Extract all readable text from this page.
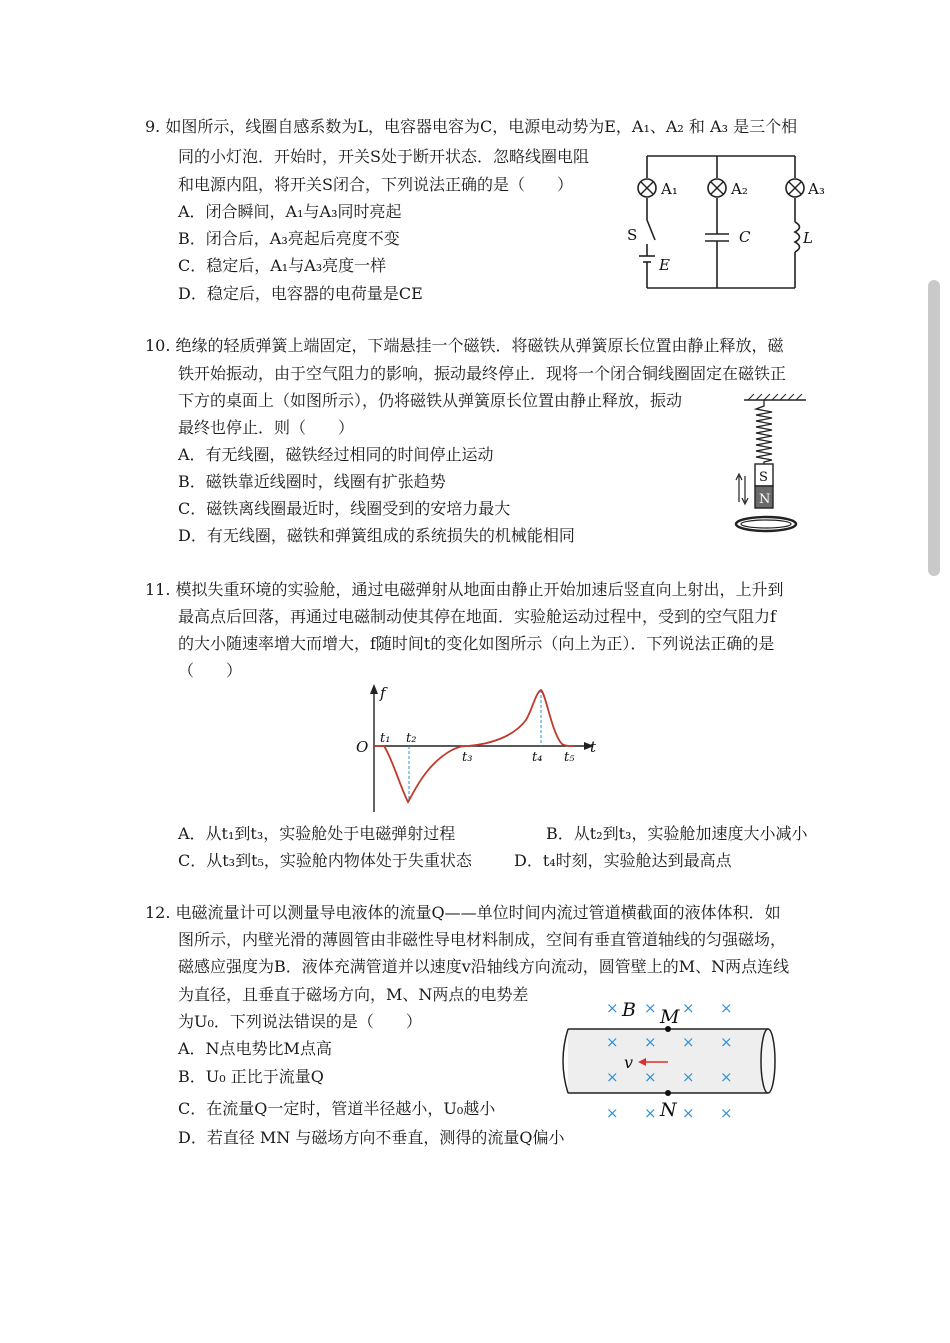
9. 如图所示，线圈自感系数为L，电容器电容为C，电源电动势为E，A₁、A₂ 和 A₃ 是三个相
同的小灯泡．开始时，开关S处于断开状态．忽略线圈电阻
和电源内阻，将开关S闭合，下列说法正确的是（　　）
A．闭合瞬间，A₁与A₃同时亮起
B．闭合后，A₃亮起后亮度不变
C．稳定后，A₁与A₃亮度一样
D．稳定后，电容器的电荷量是CE
A₁	A₂	A₃
S	C	L
E
10. 绝缘的轻质弹簧上端固定，下端悬挂一个磁铁．将磁铁从弹簧原长位置由静止释放，磁
铁开始振动，由于空气阻力的影响，振动最终停止．现将一个闭合铜线圈固定在磁铁正
下方的桌面上（如图所示），仍将磁铁从弹簧原长位置由静止释放，振动
最终也停止．则（　　）
A．有无线圈，磁铁经过相同的时间停止运动
B．磁铁靠近线圈时，线圈有扩张趋势
C．磁铁离线圈最近时，线圈受到的安培力最大
D．有无线圈，磁铁和弹簧组成的系统损失的机械能相同
S
N
11. 模拟失重环境的实验舱，通过电磁弹射从地面由静止开始加速后竖直向上射出，上升到
最高点后回落，再通过电磁制动使其停在地面．实验舱运动过程中，受到的空气阻力f
的大小随速率增大而增大，f随时间t的变化如图所示（向上为正）．下列说法正确的是
（　　）
f
O	t
t₁ t₂
t₃	t₄ t₅
A．从t₁到t₃，实验舱处于电磁弹射过程	B．从t₂到t₃，实验舱加速度大小减小
C．从t₃到t₅，实验舱内物体处于失重状态	D．t₄时刻，实验舱达到最高点
12. 电磁流量计可以测量导电液体的流量Q——单位时间内流过管道横截面的液体体积．如
图所示，内壁光滑的薄圆管由非磁性导电材料制成，空间有垂直管道轴线的匀强磁场，
磁感应强度为B．液体充满管道并以速度v沿轴线方向流动，圆管壁上的M、N两点连线
为直径，且垂直于磁场方向，M、N两点的电势差
为U₀．下列说法错误的是（　　）
A．N点电势比M点高
B．U₀ 正比于流量Q
C．在流量Q一定时，管道半径越小，U₀越小
D．若直径 MN 与磁场方向不垂直，测得的流量Q偏小
× × × ×
× × × ×
× × × ×
× × × ×
B M
N
v
